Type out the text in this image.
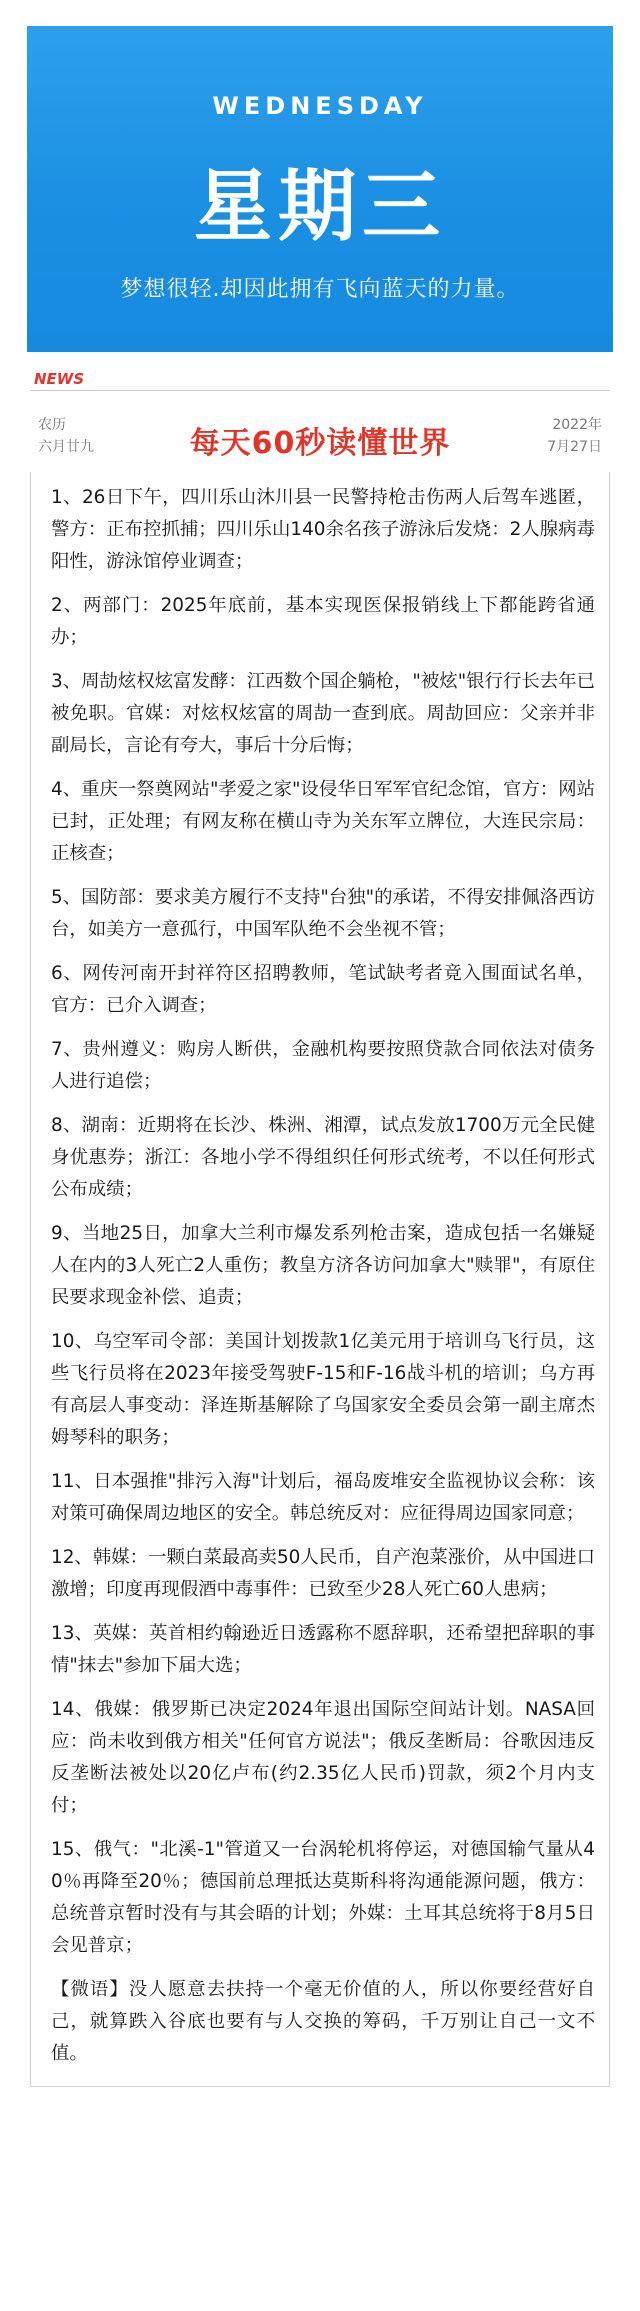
WEDNESDAY
星期三
梦想很轻.却因此拥有飞向蓝天的力量。
NEWS
农历
六月廿九	每天60秒读懂世界
2022年
7月27日

1、26日下午，四川乐山沐川县一民警持枪击伤两人后驾车逃匿，警方：正布控抓捕；四川乐山140余名孩子游泳后发烧：2人腺病毒阳性，游泳馆停业调查；

2、两部门：2025年底前，基本实现医保报销线上下都能跨省通办；

3、周劼炫权炫富发酵：江西数个国企躺枪，"被炫"银行行长去年已被免职。官媒：对炫权炫富的周劼一查到底。周劼回应：父亲并非副局长，言论有夸大，事后十分后悔；

4、重庆一祭奠网站"孝爱之家"设侵华日军军官纪念馆，官方：网站已封，正处理；有网友称在横山寺为关东军立牌位，大连民宗局：正核查；

5、国防部：要求美方履行不支持"台独"的承诺，不得安排佩洛西访台，如美方一意孤行，中国军队绝不会坐视不管；

6、网传河南开封祥符区招聘教师，笔试缺考者竟入围面试名单，官方：已介入调查；

7、贵州遵义：购房人断供，金融机构要按照贷款合同依法对债务人进行追偿；

8、湖南：近期将在长沙、株洲、湘潭，试点发放1700万元全民健身优惠券；浙江：各地小学不得组织任何形式统考，不以任何形式公布成绩；

9、当地25日，加拿大兰利市爆发系列枪击案，造成包括一名嫌疑人在内的3人死亡2人重伤；教皇方济各访问加拿大"赎罪"，有原住民要求现金补偿、追责；

10、乌空军司令部：美国计划拨款1亿美元用于培训乌飞行员，这些飞行员将在2023年接受驾驶F-15和F-16战斗机的培训；乌方再有高层人事变动：泽连斯基解除了乌国家安全委员会第一副主席杰姆琴科的职务；

11、日本强推"排污入海"计划后，福岛废堆安全监视协议会称：该对策可确保周边地区的安全。韩总统反对：应征得周边国家同意；

12、韩媒：一颗白菜最高卖50人民币，自产泡菜涨价，从中国进口激增；印度再现假酒中毒事件：已致至少28人死亡60人患病；

13、英媒：英首相约翰逊近日透露称不愿辞职，还希望把辞职的事情"抹去"参加下届大选；

14、俄媒：俄罗斯已决定2024年退出国际空间站计划。NASA回应：尚未收到俄方相关"任何官方说法"；俄反垄断局：谷歌因违反反垄断法被处以20亿卢布(约2.35亿人民币)罚款，须2个月内支付；

15、俄气："北溪-1"管道又一台涡轮机将停运，对德国输气量从40％再降至20％；德国前总理抵达莫斯科将沟通能源问题，俄方：总统普京暂时没有与其会晤的计划；外媒：土耳其总统将于8月5日会见普京；

【微语】没人愿意去扶持一个毫无价值的人，所以你要经营好自己，就算跌入谷底也要有与人交换的筹码，千万别让自己一文不值。
